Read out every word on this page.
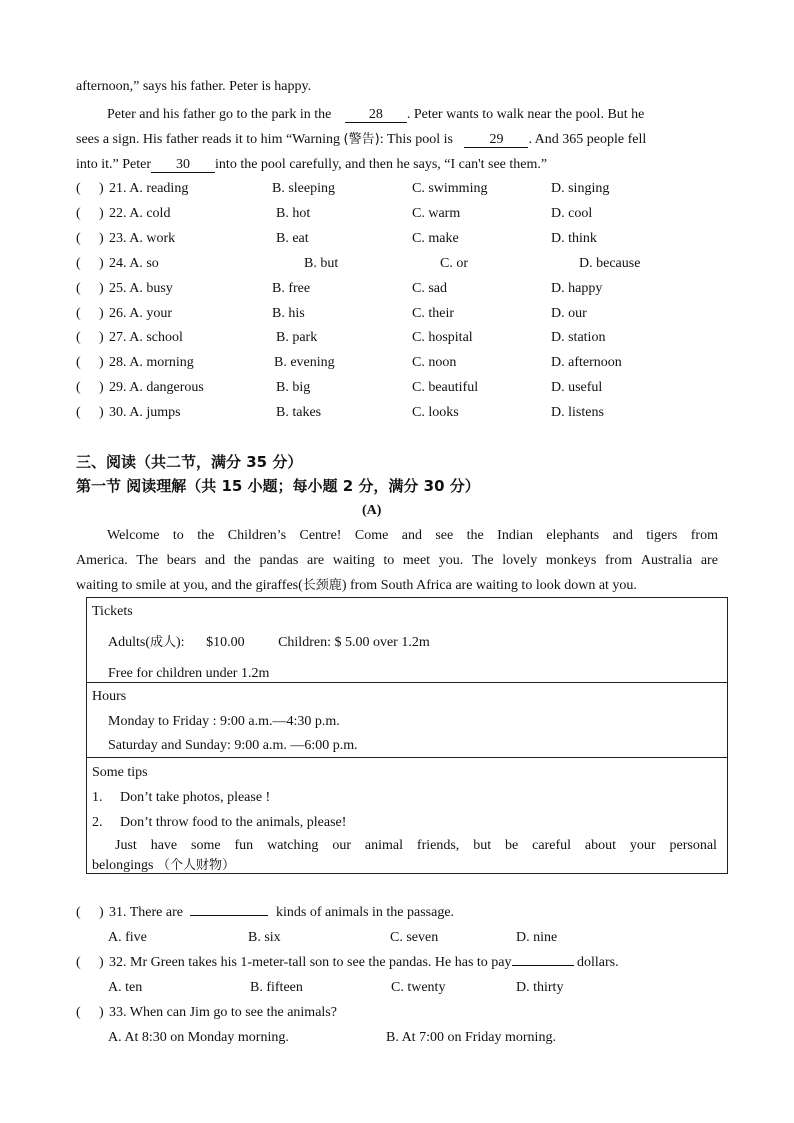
afternoon,” says his father. Peter is happy.
Peter and his father go to the park in the	28 . Peter wants to walk near the pool. But he
sees a sign. His father reads it to him “Warning (警告): This pool is	29 . And 365 people fell
into it.” Peter 30 into the pool carefully, and then he says, “I can't see them.”
( ) 21. A. reading	B. sleeping	C. swimming	D. singing
( ) 22. A. cold	B. hot	C. warm	D. cool
( ) 23. A. work	B. eat	C. make	D. think
( ) 24. A. so	B. but	C. or	D. because
( ) 25. A. busy	B. free	C. sad	D. happy
( ) 26. A. your	B. his	C. their	D. our
( ) 27. A. school	B. park	C. hospital	D. station
( ) 28. A. morning	B. evening	C. noon	D. afternoon
( ) 29. A. dangerous	B. big	C. beautiful	D. useful
( ) 30. A. jumps	B. takes	C. looks	D. listens
三、阅读（共二节，满分 35 分）
第一节 阅读理解（共 15 小题；每小题 2 分，满分 30 分）
(A)
Welcome to the Children’s Centre! Come and see the Indian elephants and tigers from
America. The bears and the pandas are waiting to meet you. The lovely monkeys from Australia are
waiting to smile at you, and the giraffes(长颈鹿) from South Africa are waiting to look down at you.
Tickets
Adults(成人): $10.00 Children: $ 5.00 over 1.2m
Free for children under 1.2m
Hours
Monday to Friday : 9:00 a.m.—4:30 p.m.
Saturday and Sunday: 9:00 a.m. —6:00 p.m.
Some tips
1. Don’t take photos, please !
2. Don’t throw food to the animals, please!
Just have some fun watching our animal friends, but be careful about your personal
belongings （个人财物）
( ) 31. There are	kinds of animals in the passage.
A. five	B. six	C. seven	D. nine
( ) 32. Mr Green takes his 1-meter-tall son to see the pandas. He has to pay	dollars.
A. ten	B. fifteen	C. twenty	D. thirty
( ) 33. When can Jim go to see the animals?
A. At 8:30 on Monday morning.	B. At 7:00 on Friday morning.
